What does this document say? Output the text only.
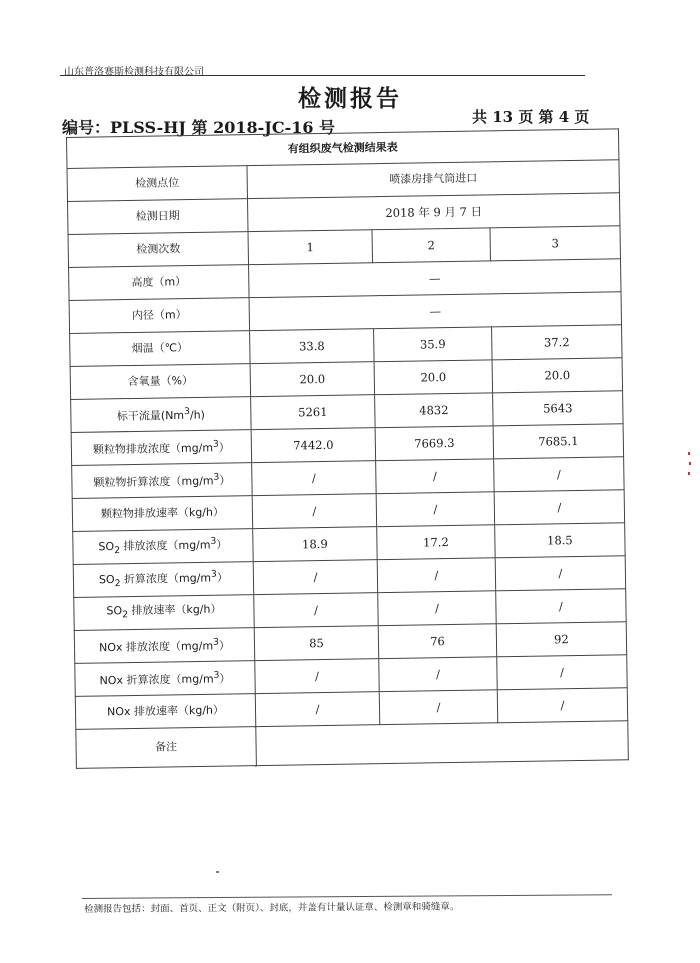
山东普洛赛斯检测科技有限公司
检测报告
编号：PLSS-HJ 第 2018-JC-16 号
共 13 页 第 4 页
有组织废气检测结果表			
检测点位	喷漆房排气筒进口		
检测日期	2018 年 9 月 7 日		
检测次数	1	2	3
高度（m）	—		
内径（m）	—		
烟温（℃）	33.8	35.9	37.2
含氧量（%）	20.0	20.0	20.0
标干流量(Nm$^3$/h)	5261	4832	5643
颗粒物排放浓度$(mg/m^3)$	7442.0	7669.3	7685.1
颗粒物折算浓度$(mg/m^3)$	/	/	/
颗粒物排放速率（kg/h）	/	/	/
$SO_2$ 排放浓度$(mg/m^3)$	18.9	17.2	18.5
$SO_2$ 折算浓度$(mg/m^3)$	/	/	/
$SO_2$ 排放速率（kg/h）	/	/	/
NOx 排放浓度$(mg/m^3)$	85	76	92
NOx 折算浓度$(mg/m^3)$	/	/	/
NOx 排放速率（kg/h）	/	/	/
备注			
检测报告包括：封面、首页、正文（附页）、封底，并盖有计量认证章、检测章和骑缝章。
